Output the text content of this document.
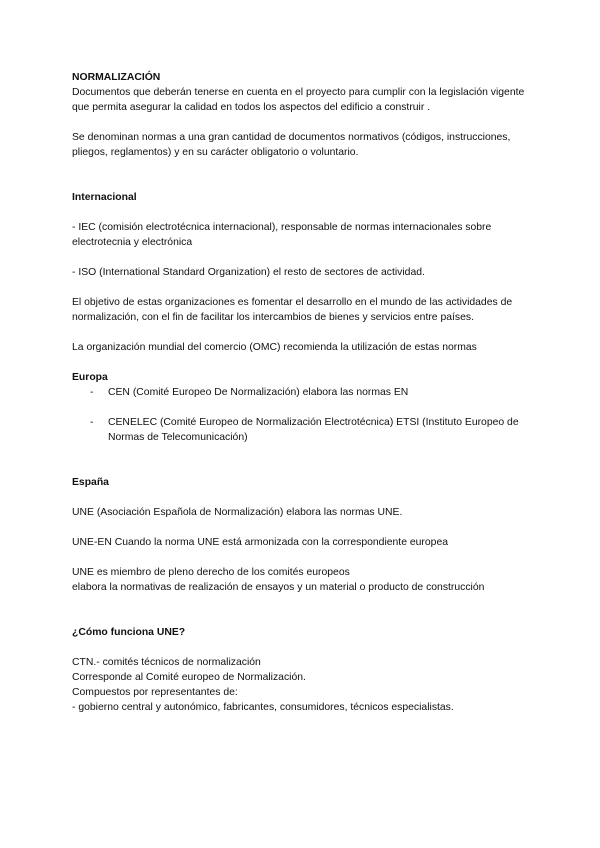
NORMALIZACIÓN

Documentos que deberán tenerse en cuenta en el proyecto para cumplir con la legislación vigente que permita asegurar la calidad en todos los aspectos del edificio a construir .

Se denominan normas a una gran cantidad de documentos normativos (códigos, instrucciones, pliegos, reglamentos) y en su carácter obligatorio o voluntario.

Internacional

- IEC (comisión electrotécnica internacional), responsable de normas internacionales sobre electrotecnia y electrónica

- ISO (International Standard Organization) el resto de sectores de actividad.

El objetivo de estas organizaciones es fomentar el desarrollo en el mundo de las actividades de normalización, con el fin de facilitar los intercambios de bienes y servicios entre países.

La organización mundial del comercio (OMC) recomienda la utilización de estas normas

Europa

- CEN (Comité Europeo De Normalización) elabora las normas EN
- CENELEC (Comité Europeo de Normalización Electrotécnica) ETSI (Instituto Europeo de Normas de Telecomunicación)

España

UNE (Asociación Española de Normalización) elabora las normas UNE.

UNE-EN Cuando la norma UNE está armonizada con la correspondiente europea

UNE es miembro de pleno derecho de los comités europeos

elabora la normativas de realización de ensayos y un material o producto de construcción

¿Cómo funciona UNE?

CTN.- comités técnicos de normalización

Corresponde al Comité europeo de Normalización.

Compuestos por representantes de:

- gobierno central y autonómico, fabricantes, consumidores, técnicos especialistas.
